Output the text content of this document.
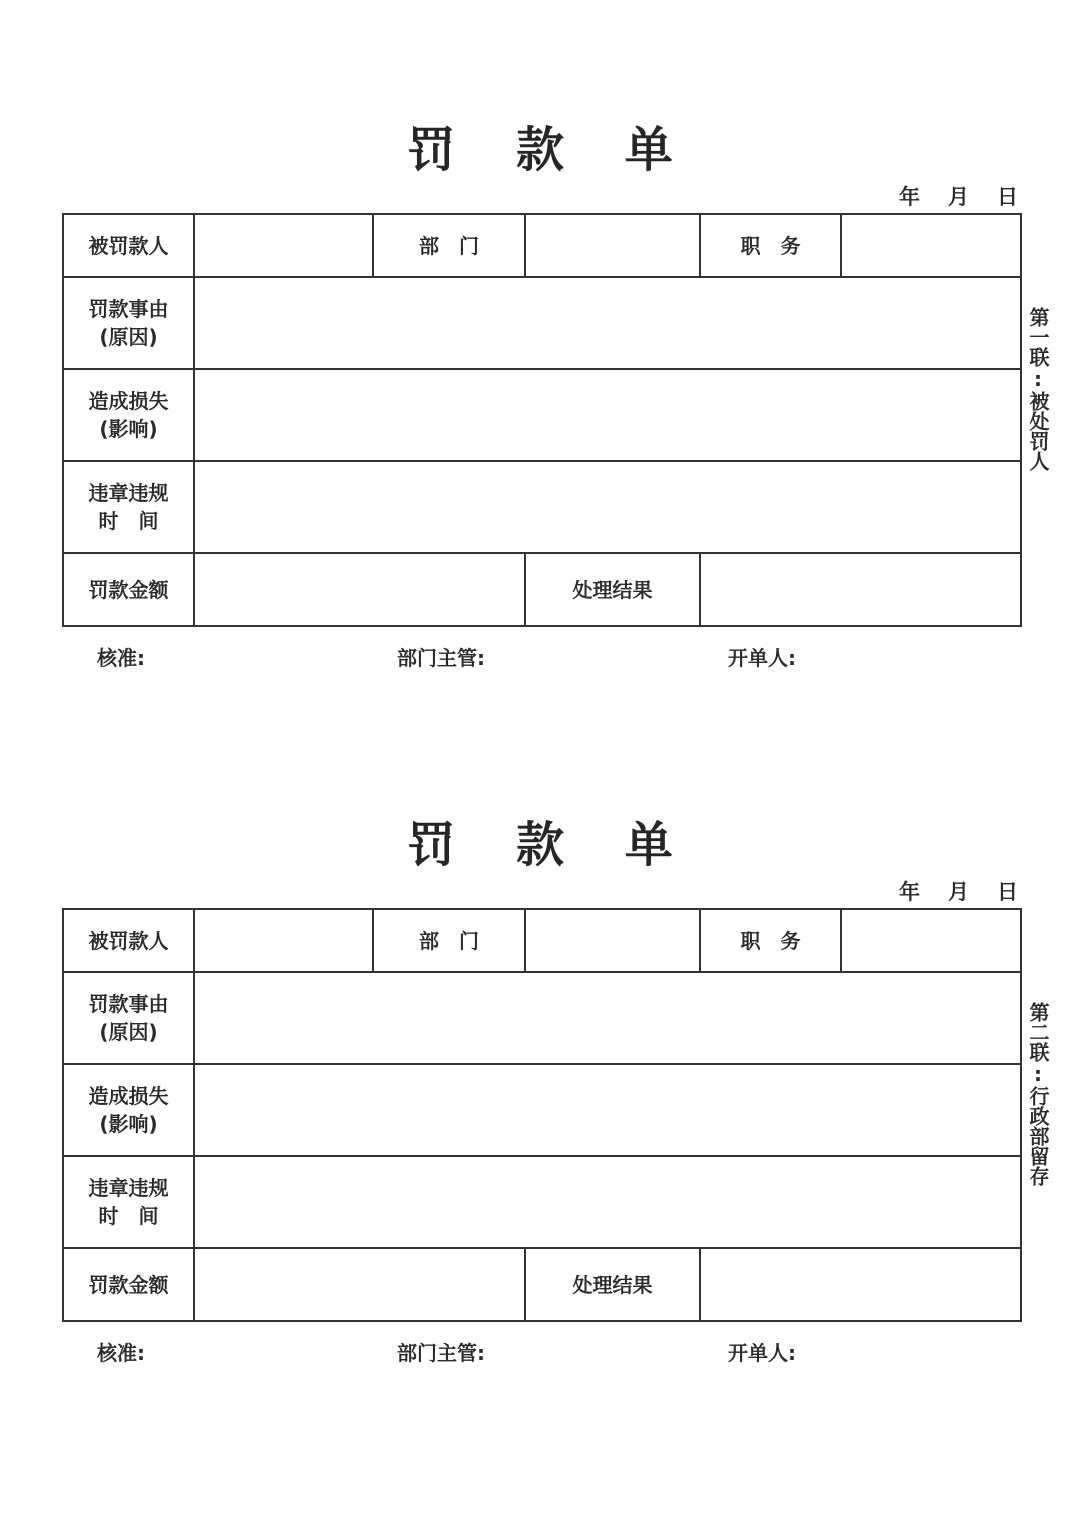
罚 款 单
年 月 日
被罚款人	部　门	职　务
罚款事由
(原因)
造成损失
(影响)
违章违规
时　间
罚款金额	处理结果
第一联:被处罚人
核准:	部门主管:	开单人:
罚 款 单
年 月 日
被罚款人	部　门	职　务
罚款事由
(原因)
造成损失
(影响)
违章违规
时　间
罚款金额	处理结果
第二联:行政部留存
核准:	部门主管:	开单人:
